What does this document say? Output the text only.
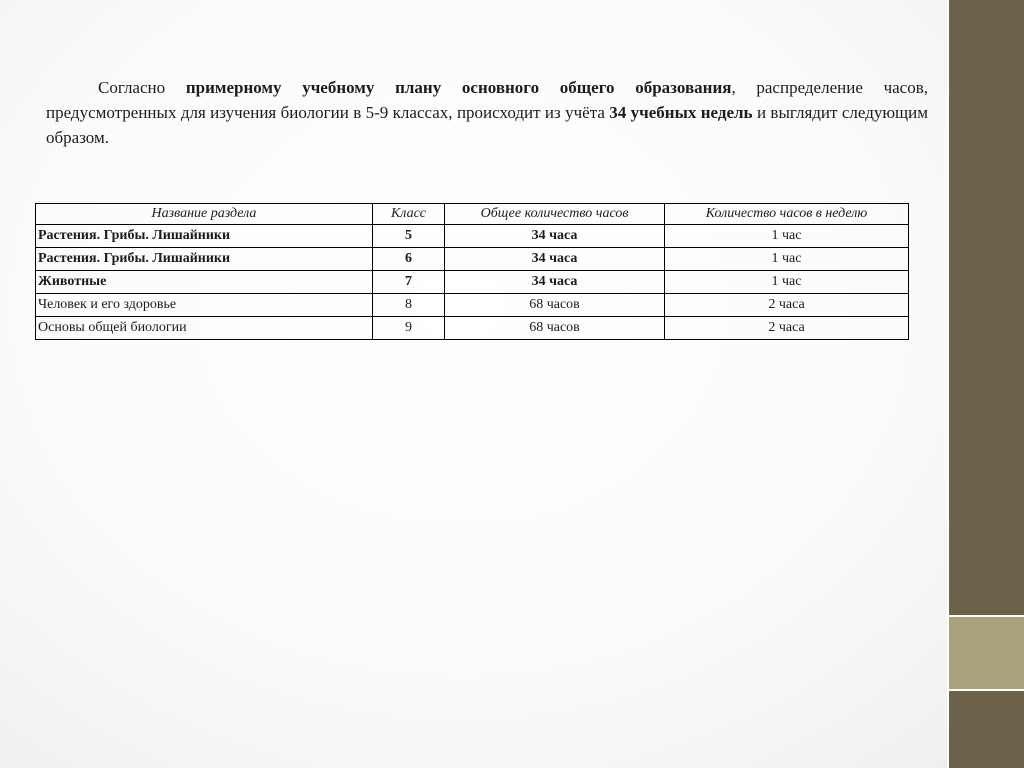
Согласно примерному учебному плану основного общего образования, распределение часов, предусмотренных для изучения биологии в 5-9 классах, происходит из учёта 34 учебных недель и выглядит следующим образом.

Название раздела	Класс	Общее количество часов	Количество часов в неделю
Растения. Грибы. Лишайники	5	34 часа	1 час
Растения. Грибы. Лишайники	6	34 часа	1 час
Животные	7	34 часа	1 час
Человек и его здоровье	8	68 часов	2 часа
Основы общей биологии	9	68 часов	2 часа
